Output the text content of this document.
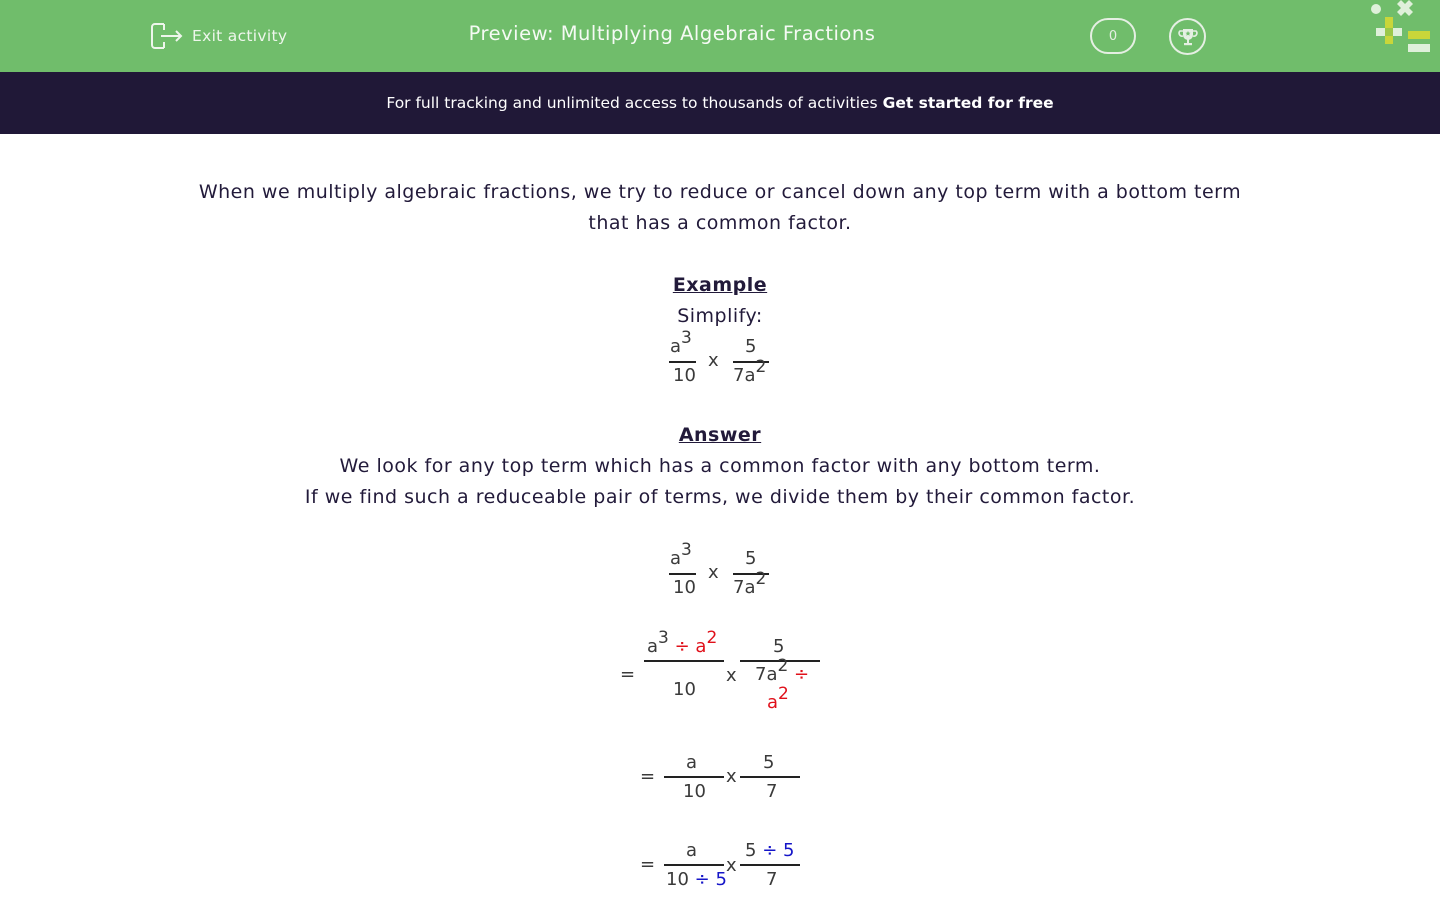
Exit activity	Preview: Multiplying Algebraic Fractions	0
For full tracking and unlimited access to thousands of activities Get started for free
When we multiply algebraic fractions, we try to reduce or cancel down any top term with a bottom term
that has a common factor.
Example
Simplify:
$a^3$
10
x
5
$7a^2$
Answer
We look for any top term which has a common factor with any bottom term.
If we find such a reduceable pair of terms, we divide them by their common factor.
$a^3$
10
x
5
$7a^2$
=
$a^3 \div a^2$
10
x
5
$7a^2$ ÷
$a^2$
=
a
10
x
5
7
=
a
10 ÷ 5
x
5 ÷ 5
7
